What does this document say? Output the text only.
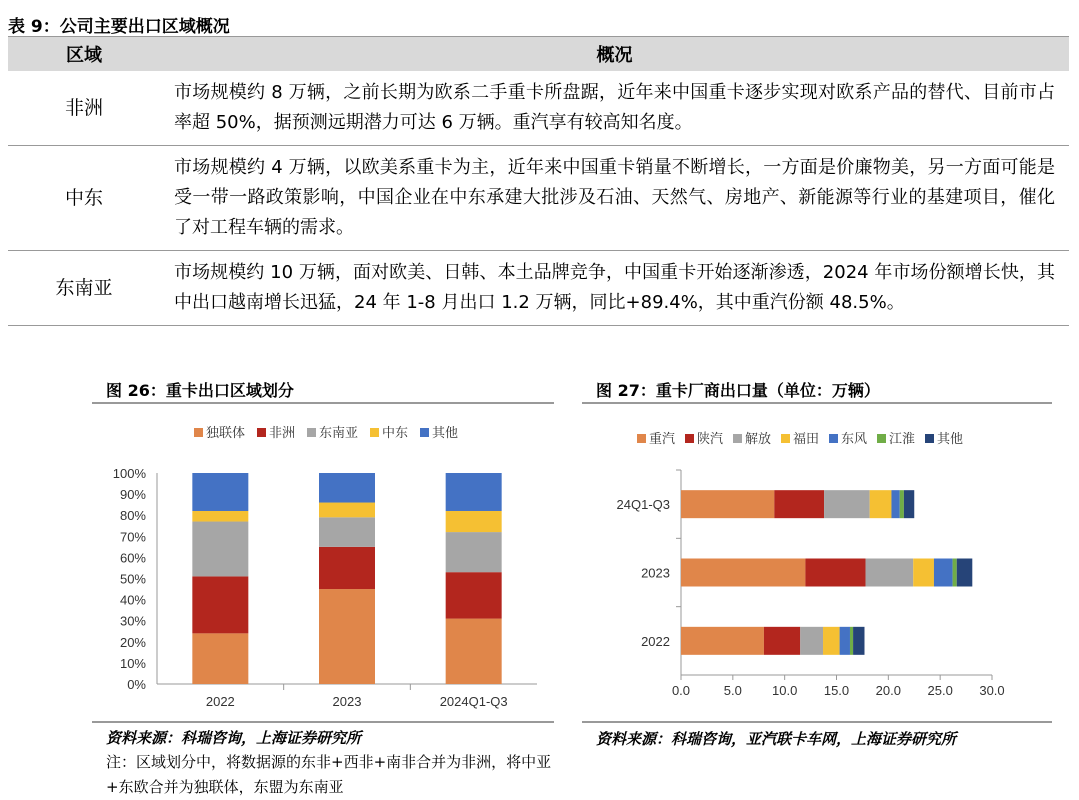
表 9：公司主要出口区域概况
区域	概况
非洲	市场规模约 8 万辆，之前长期为欧系二手重卡所盘踞，近年来中国重卡逐步实现对欧系产品的替代、目前市占率超 50%，据预测远期潜力可达 6 万辆。重汽享有较高知名度。
中东	市场规模约 4 万辆，以欧美系重卡为主，近年来中国重卡销量不断增长，一方面是价廉物美，另一方面可能是受一带一路政策影响，中国企业在中东承建大批涉及石油、天然气、房地产、新能源等行业的基建项目，催化了对工程车辆的需求。
东南亚	市场规模约 10 万辆，面对欧美、日韩、本土品牌竞争，中国重卡开始逐渐渗透，2024 年市场份额增长快，其中出口越南增长迅猛，24 年 1-8 月出口 1.2 万辆，同比+89.4%，其中重汽份额 48.5%。
图 26：重卡出口区域划分
独联体 非洲 东南亚 中东 其他
0%
10%
20%
30%
40%
50%
60%
70%
80%
90%
100%
2022	2023	2024Q1-Q3
资料来源：科瑞咨询，上海证券研究所
注：区域划分中，将数据源的东非+西非+南非合并为非洲，将中亚+东欧合并为独联体，东盟为东南亚
图 27：重卡厂商出口量（单位：万辆）
重汽 陕汽 解放 福田 东风 江淮 其他
0.0	5.0 10.0 15.0 20.0 25.0 30.0
2022
2023
24Q1-Q3
资料来源：科瑞咨询，亚汽联卡车网，上海证券研究所
